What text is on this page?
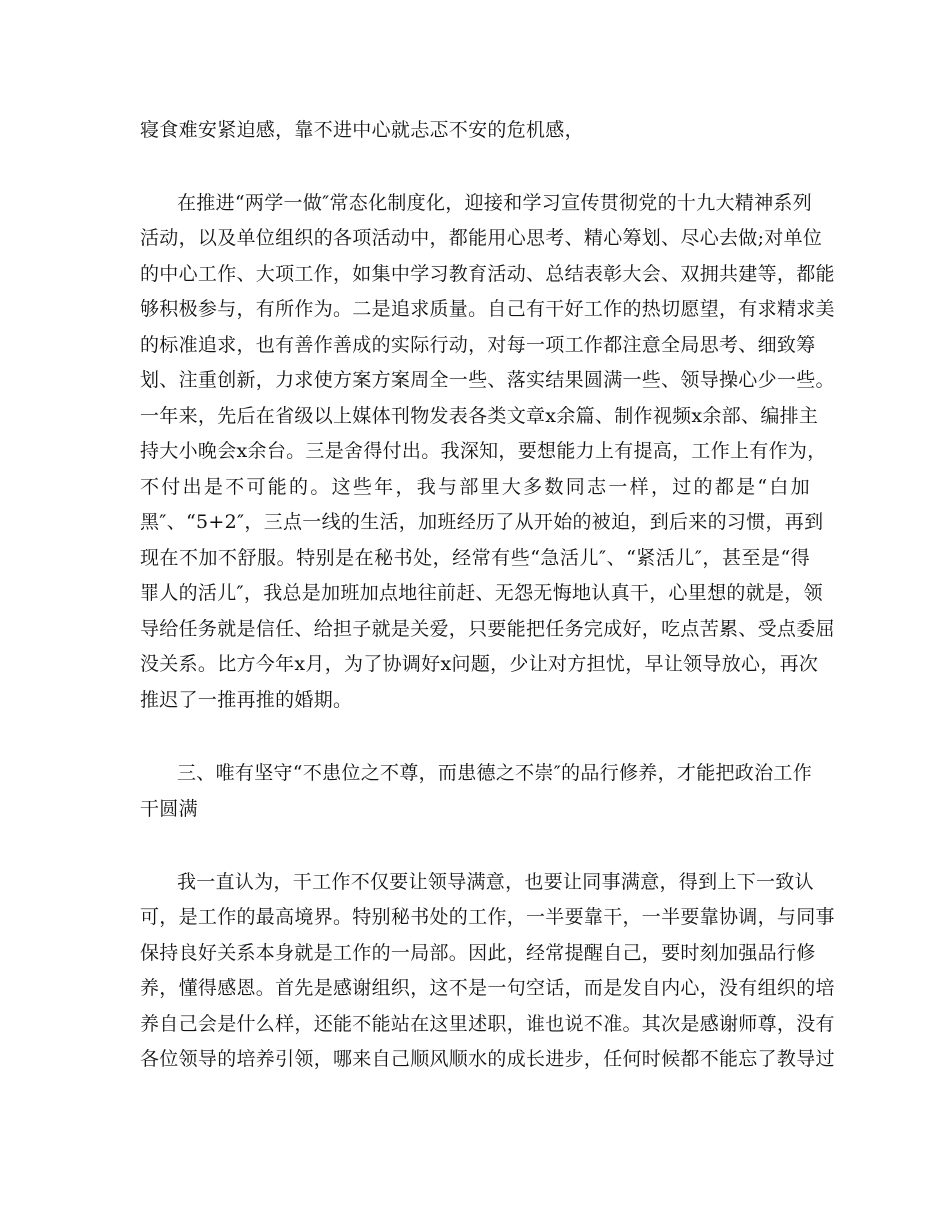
寝食难安紧迫感，靠不进中心就忐忑不安的危机感，
在推进“两学一做″常态化制度化，迎接和学习宣传贯彻党的十九大精神系列
活动，以及单位组织的各项活动中，都能用心思考、精心筹划、尽心去做;对单位
的中心工作、大项工作，如集中学习教育活动、总结表彰大会、双拥共建等，都能
够积极参与，有所作为。二是追求质量。自己有干好工作的热切愿望，有求精求美
的标准追求，也有善作善成的实际行动，对每一项工作都注意全局思考、细致筹
划、注重创新，力求使方案方案周全一些、落实结果圆满一些、领导操心少一些。
一年来，先后在省级以上媒体刊物发表各类文章x余篇、制作视频x余部、编排主
持大小晚会x余台。三是舍得付出。我深知，要想能力上有提高，工作上有作为，
不付出是不可能的。这些年，我与部里大多数同志一样，过的都是“白加
黑″、“5+2″，三点一线的生活，加班经历了从开始的被迫，到后来的习惯，再到
现在不加不舒服。特别是在秘书处，经常有些“急活儿″、“紧活儿″，甚至是“得
罪人的活儿″，我总是加班加点地往前赶、无怨无悔地认真干，心里想的就是，领
导给任务就是信任、给担子就是关爱，只要能把任务完成好，吃点苦累、受点委屈
没关系。比方今年x月，为了协调好x问题，少让对方担忧，早让领导放心，再次
推迟了一推再推的婚期。
三、唯有坚守“不患位之不尊，而患德之不崇″的品行修养，才能把政治工作
干圆满
我一直认为，干工作不仅要让领导满意，也要让同事满意，得到上下一致认
可，是工作的最高境界。特别秘书处的工作，一半要靠干，一半要靠协调，与同事
保持良好关系本身就是工作的一局部。因此，经常提醒自己，要时刻加强品行修
养，懂得感恩。首先是感谢组织，这不是一句空话，而是发自内心，没有组织的培
养自己会是什么样，还能不能站在这里述职，谁也说不准。其次是感谢师尊，没有
各位领导的培养引领，哪来自己顺风顺水的成长进步，任何时候都不能忘了教导过
